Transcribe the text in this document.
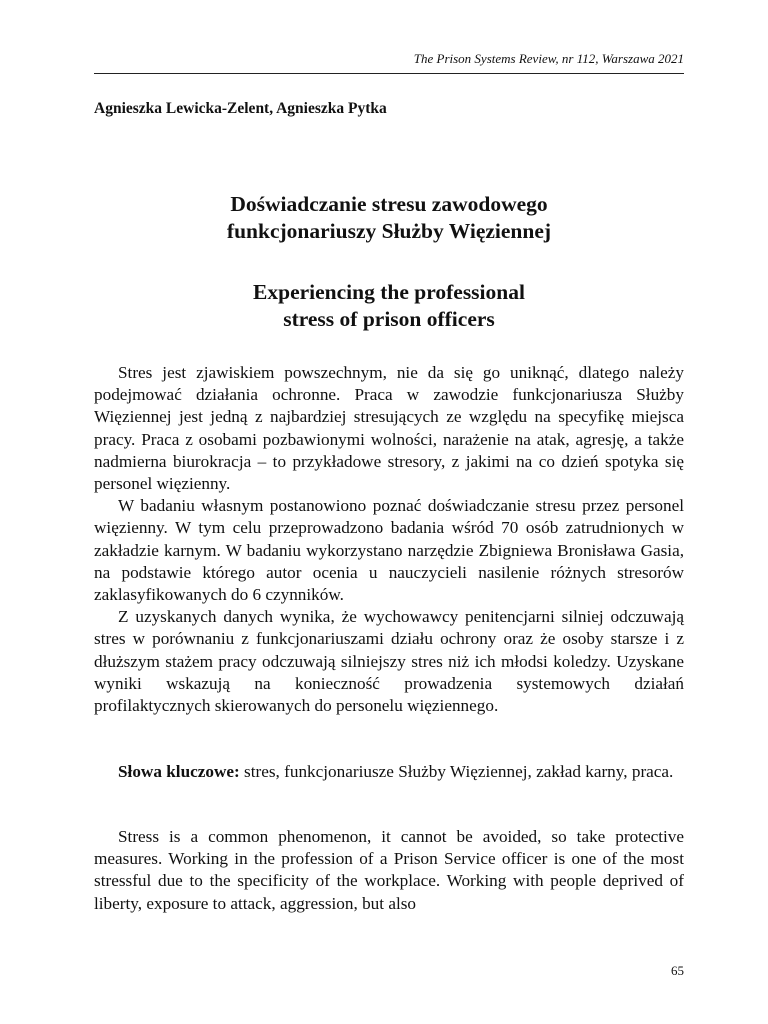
The Prison Systems Review, nr 112, Warszawa 2021
Agnieszka Lewicka-Zelent, Agnieszka Pytka
Doświadczanie stresu zawodowego
funkcjonariuszy Służby Więziennej
Experiencing the professional
stress of prison officers

Stres jest zjawiskiem powszechnym, nie da się go uniknąć, dlatego należy podejmować działania ochronne. Praca w zawodzie funkcjonariusza Służby Więziennej jest jedną z najbardziej stresujących ze względu na specyfikę miejsca pracy. Praca z osobami pozbawionymi wolności, narażenie na atak, agresję, a także nadmierna biurokracja – to przykładowe stresory, z jakimi na co dzień spotyka się personel więzienny.

W badaniu własnym postanowiono poznać doświadczanie stresu przez personel więzienny. W tym celu przeprowadzono badania wśród 70 osób zatrudnionych w zakładzie karnym. W badaniu wykorzystano narzędzie Zbigniewa Bronisława Gasia, na podstawie którego autor ocenia u nauczycieli nasilenie różnych stresorów zaklasyfikowanych do 6 czynników.

Z uzyskanych danych wynika, że wychowawcy penitencjarni silniej odczuwają stres w porównaniu z funkcjonariuszami działu ochrony oraz że osoby starsze i z dłuższym stażem pracy odczuwają silniejszy stres niż ich młodsi koledzy. Uzyskane wyniki wskazują na konieczność prowadzenia systemowych działań profilaktycznych skierowanych do personelu więziennego.

Słowa kluczowe: stres, funkcjonariusze Służby Więziennej, zakład karny, praca.

Stress is a common phenomenon, it cannot be avoided, so take protective measures. Working in the profession of a Prison Service officer is one of the most stressful due to the specificity of the workplace. Working with people deprived of liberty, exposure to attack, aggression, but also

65
